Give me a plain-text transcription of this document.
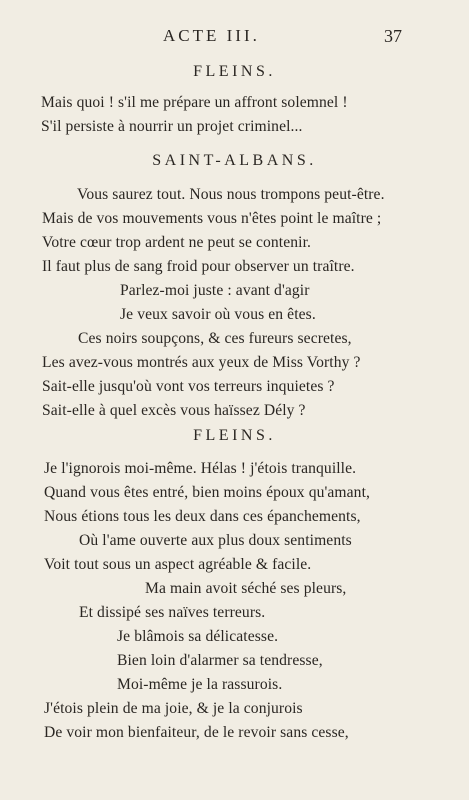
ACTE III.	37
FLEINS.
Mais quoi ! s'il me prépare un affront solemnel !
S'il persiste à nourrir un projet criminel...
SAINT-ALBANS.
Vous saurez tout. Nous nous trompons peut-être.
Mais de vos mouvements vous n'êtes point le maître ;
Votre cœur trop ardent ne peut se contenir.
Il faut plus de sang froid pour observer un traître.
Parlez-moi juste : avant d'agir
Je veux savoir où vous en êtes.
Ces noirs soupçons, & ces fureurs secretes,
Les avez-vous montrés aux yeux de Miss Vorthy ?
Sait-elle jusqu'où vont vos terreurs inquietes ?
Sait-elle à quel excès vous haïssez Dély ?
FLEINS.
Je l'ignorois moi-même. Hélas ! j'étois tranquille.
Quand vous êtes entré, bien moins époux qu'amant,
Nous étions tous les deux dans ces épanchements,
Où l'ame ouverte aux plus doux sentiments
Voit tout sous un aspect agréable & facile.
Ma main avoit séché ses pleurs,
Et dissipé ses naïves terreurs.
Je blâmois sa délicatesse.
Bien loin d'alarmer sa tendresse,
Moi-même je la rassurois.
J'étois plein de ma joie, & je la conjurois
De voir mon bienfaiteur, de le revoir sans cesse,
